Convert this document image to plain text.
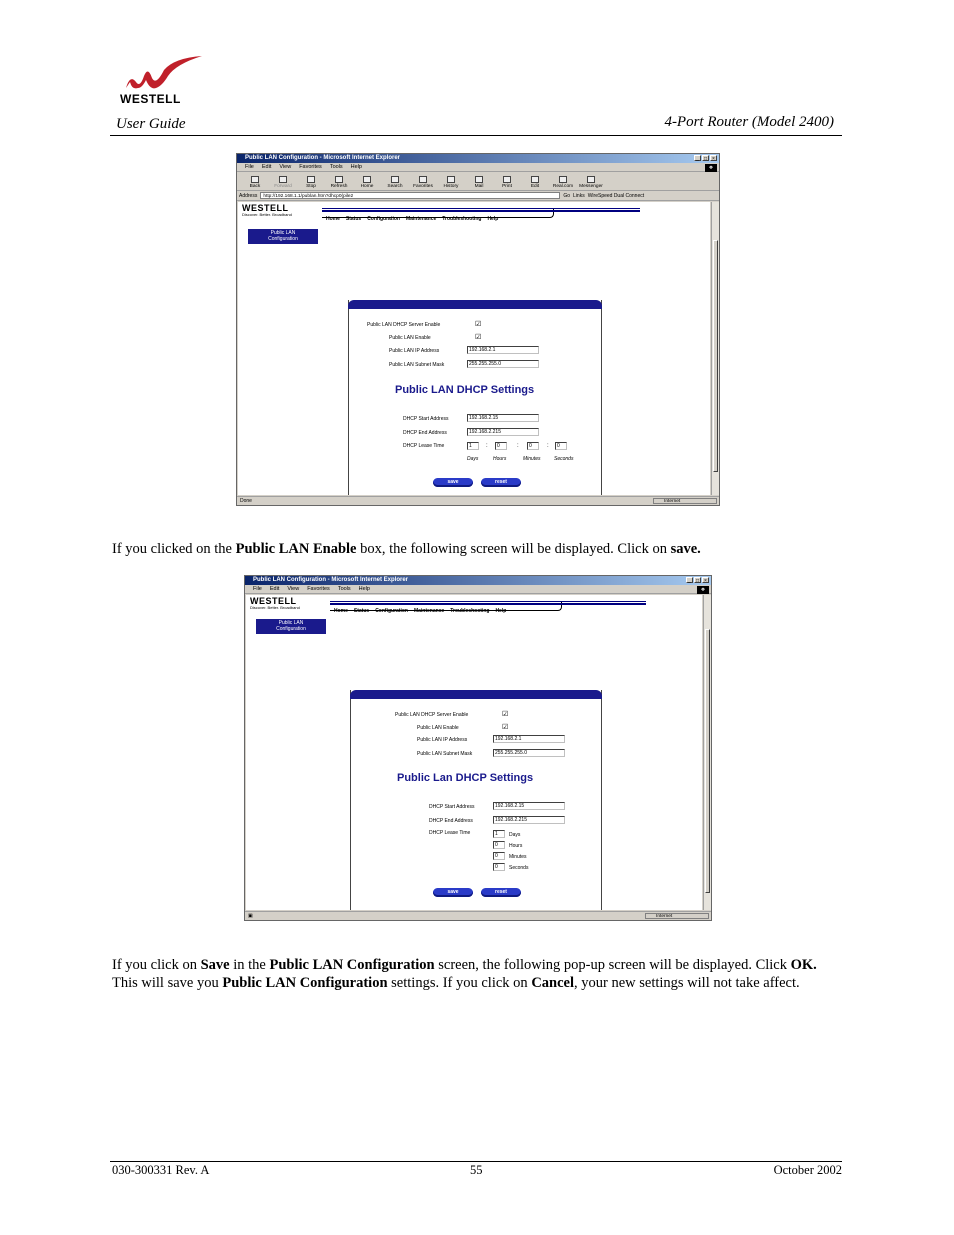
WESTELL
User Guide	4-Port Router (Model 2400)
Public LAN Configuration - Microsoft Internet Explorer	_	□	×
File Edit View Favorites Tools Help	❖
Back	Forward	Stop	Refresh	Home	Search	Favorites	History	Mail	Print	Edit	Real.com	Messenger
Address	http://192.168.1.1/publan.htm?dhcp0(pile2	Go Links WireSpeed Dual Connect
WESTELL
Discover. Better. Broadband
Home Status Configuration Maintenance Troubleshooting Help
Public LAN
Configuration
Public LAN DHCP Server Enable	☑
Public LAN Enable	☑
Public LAN IP Address	192.168.2.1
Public LAN Subnet Mask	255.255.255.0
Public LAN DHCP Settings
DHCP Start Address	192.168.2.15
DHCP End Address	192.168.2.215
DHCP Lease Time	1	:	0	:	0	:	0
Days	Hours	Minutes	Seconds
save	reset
Done	Internet
If you clicked on the Public LAN Enable box, the following screen will be displayed. Click on save.
Public LAN Configuration - Microsoft Internet Explorer	_	□	×
File Edit View Favorites Tools Help	❖
WESTELL
Discover. Better. Broadband
Home Status Configuration Maintenance Troubleshooting Help
Public LAN
Configuration
Public LAN DHCP Server Enable	☑
Public LAN Enable	☑
Public LAN IP Address	192.168.2.1
Public LAN Subnet Mask	255.255.255.0
Public Lan DHCP Settings
DHCP Start Address	192.168.2.15
DHCP End Address	192.168.2.215
DHCP Lease Time	1	Days
0	Hours
0	Minutes
0	Seconds
save	reset
▣	Internet
If you click on Save in the Public LAN Configuration screen, the following pop-up screen will be displayed. Click OK. This will save you Public LAN Configuration settings. If you click on Cancel, your new settings will not take affect.
030-300331 Rev. A	55	October 2002
